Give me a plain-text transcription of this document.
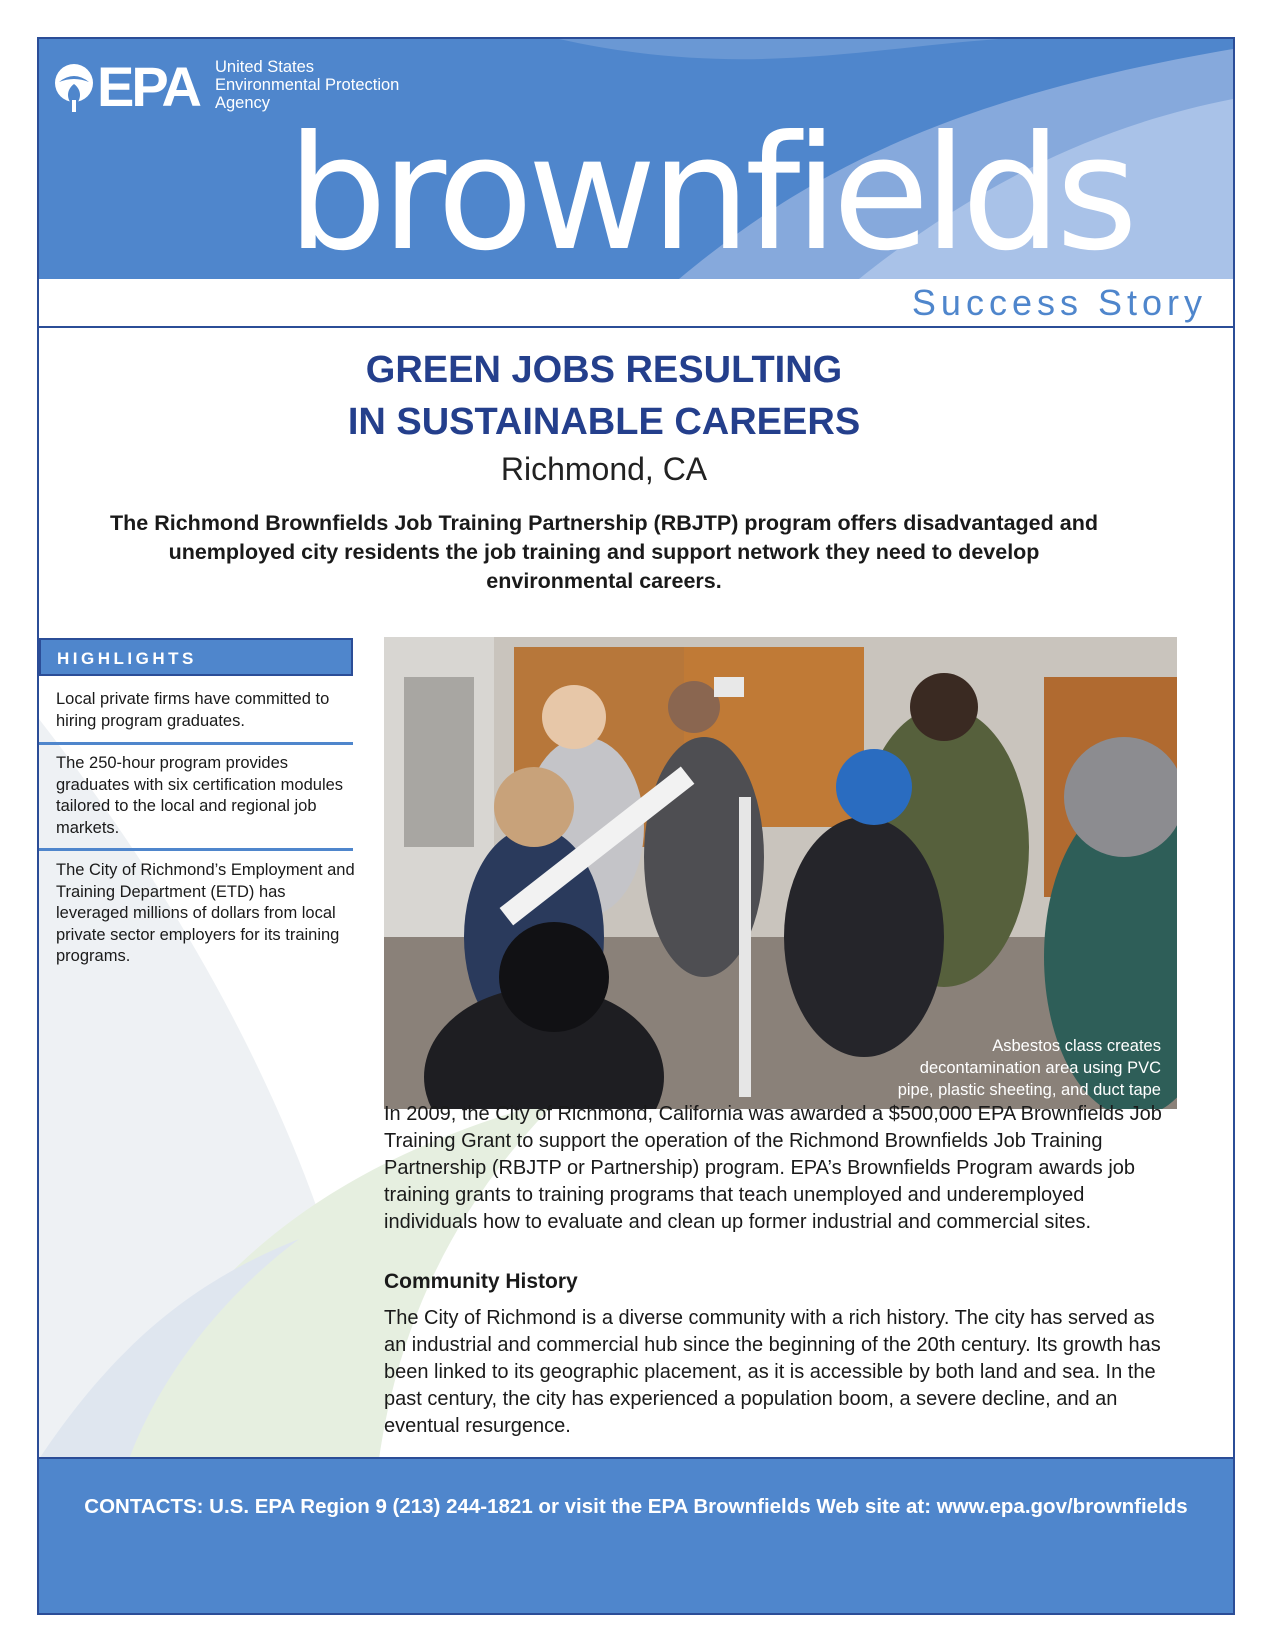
EPA United States
Environmental Protection
Agency brownfields
Success Story
GREEN JOBS RESULTING
IN SUSTAINABLE CAREERS
Richmond, CA
The Richmond Brownfields Job Training Partnership (RBJTP) program offers disadvantaged and unemployed city residents the job training and support network they need to develop environmental careers.
HIGHLIGHTS
Local private firms have committed to hiring program graduates.
The 250-hour program provides graduates with six certification modules tailored to the local and regional job markets.
The City of Richmond’s Employment and Training Department (ETD) has leveraged millions of dollars from local private sector employers for its training programs.
Asbestos class creates
decontamination area using PVC
pipe, plastic sheeting, and duct tape
In 2009, the City of Richmond, California was awarded a $500,000 EPA Brownfields Job Training Grant to support the operation of the Richmond Brownfields Job Training Partnership (RBJTP or Partnership) program. EPA’s Brownfields Program awards job training grants to training programs that teach unemployed and underemployed individuals how to evaluate and clean up former industrial and commercial sites.
Community History
The City of Richmond is a diverse community with a rich history. The city has served as an industrial and commercial hub since the beginning of the 20th century. Its growth has been linked to its geographic placement, as it is accessible by both land and sea. In the past century, the city has experienced a population boom, a severe decline, and an eventual resurgence.
CONTACTS: U.S. EPA Region 9 (213) 244-1821 or visit the EPA Brownfields Web site at: www.epa.gov/brownfields
